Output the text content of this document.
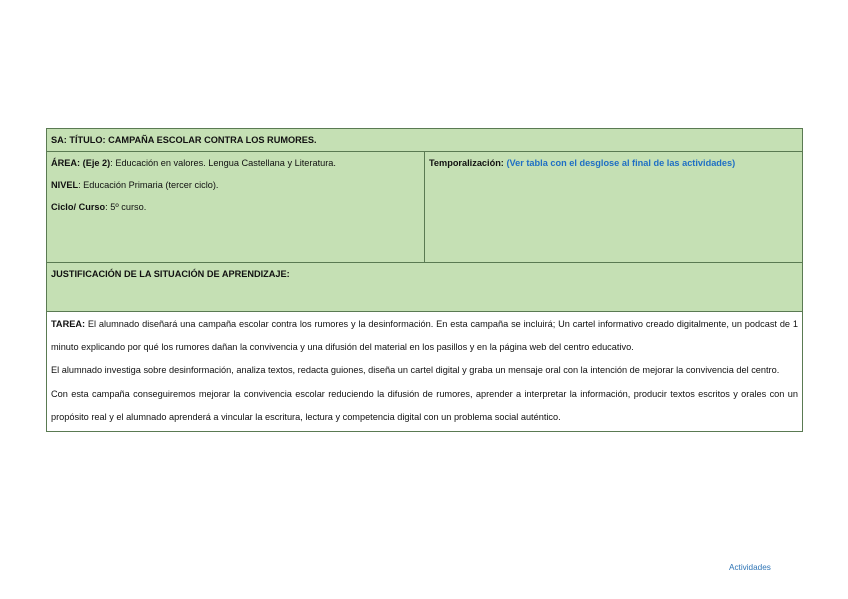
SA: TÍTULO: CAMPAÑA ESCOLAR CONTRA LOS RUMORES.

ÁREA: (Eje 2): Educación en valores. Lengua Castellana y Literatura.
NIVEL: Educación Primaria (tercer ciclo).
Ciclo/ Curso: 5º curso.

Temporalización: (Ver tabla con el desglose al final de las actividades)

JUSTIFICACIÓN DE LA SITUACIÓN DE APRENDIZAJE:

TAREA: El alumnado diseñará una campaña escolar contra los rumores y la desinformación. En esta campaña se incluirá; Un cartel informativo creado digitalmente, un podcast de 1 minuto explicando por qué los rumores dañan la convivencia y una difusión del material en los pasillos y en la página web del centro educativo.
El alumnado investiga sobre desinformación, analiza textos, redacta guiones, diseña un cartel digital y graba un mensaje oral con la intención de mejorar la convivencia del centro.
Con esta campaña conseguiremos mejorar la convivencia escolar reduciendo la difusión de rumores, aprender a interpretar la información, producir textos escritos y orales con un propósito real y el alumnado aprenderá a vincular la escritura, lectura y competencia digital con un problema social auténtico.
Actividades
